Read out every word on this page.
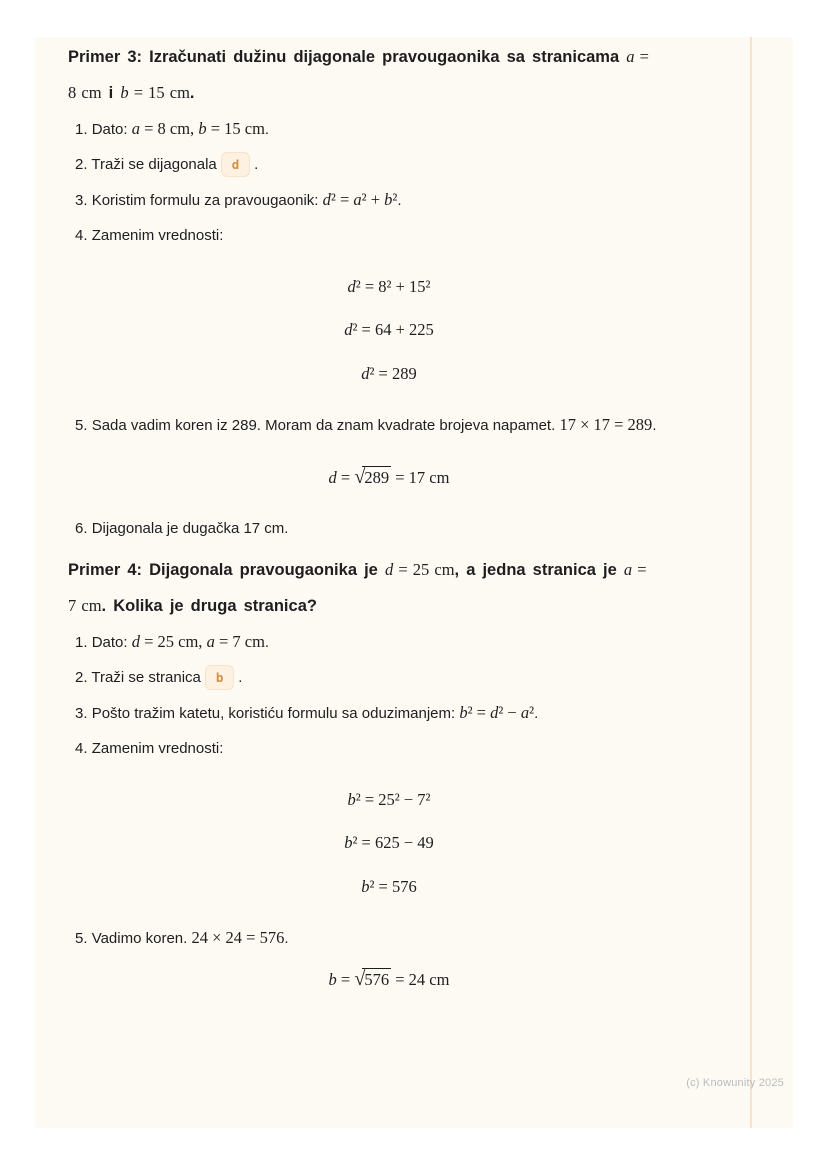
Primer 3: Izračunati dužinu dijagonale pravougaonika sa stranicama a =
8 cm i b = 15 cm.
1. Dato: a = 8 cm, b = 15 cm.
2. Traži se dijagonala d .
3. Koristim formulu za pravougaonik: d² = a² + b².
4. Zamenim vrednosti:
d² = 8² + 15²
d² = 64 + 225
d² = 289
5. Sada vadim koren iz 289. Moram da znam kvadrate brojeva napamet. 17 × 17 = 289.
d = √289 = 17 cm
6. Dijagonala je dugačka 17 cm.
Primer 4: Dijagonala pravougaonika je d = 25 cm, a jedna stranica je a =
7 cm. Kolika je druga stranica?
1. Dato: d = 25 cm, a = 7 cm.
2. Traži se stranica b .
3. Pošto tražim katetu, koristiću formulu sa oduzimanjem: b² = d² − a².
4. Zamenim vrednosti:
b² = 25² − 7²
b² = 625 − 49
b² = 576
5. Vadimo koren. 24 × 24 = 576.
b = √576 = 24 cm
(c) Knowunity 2025
